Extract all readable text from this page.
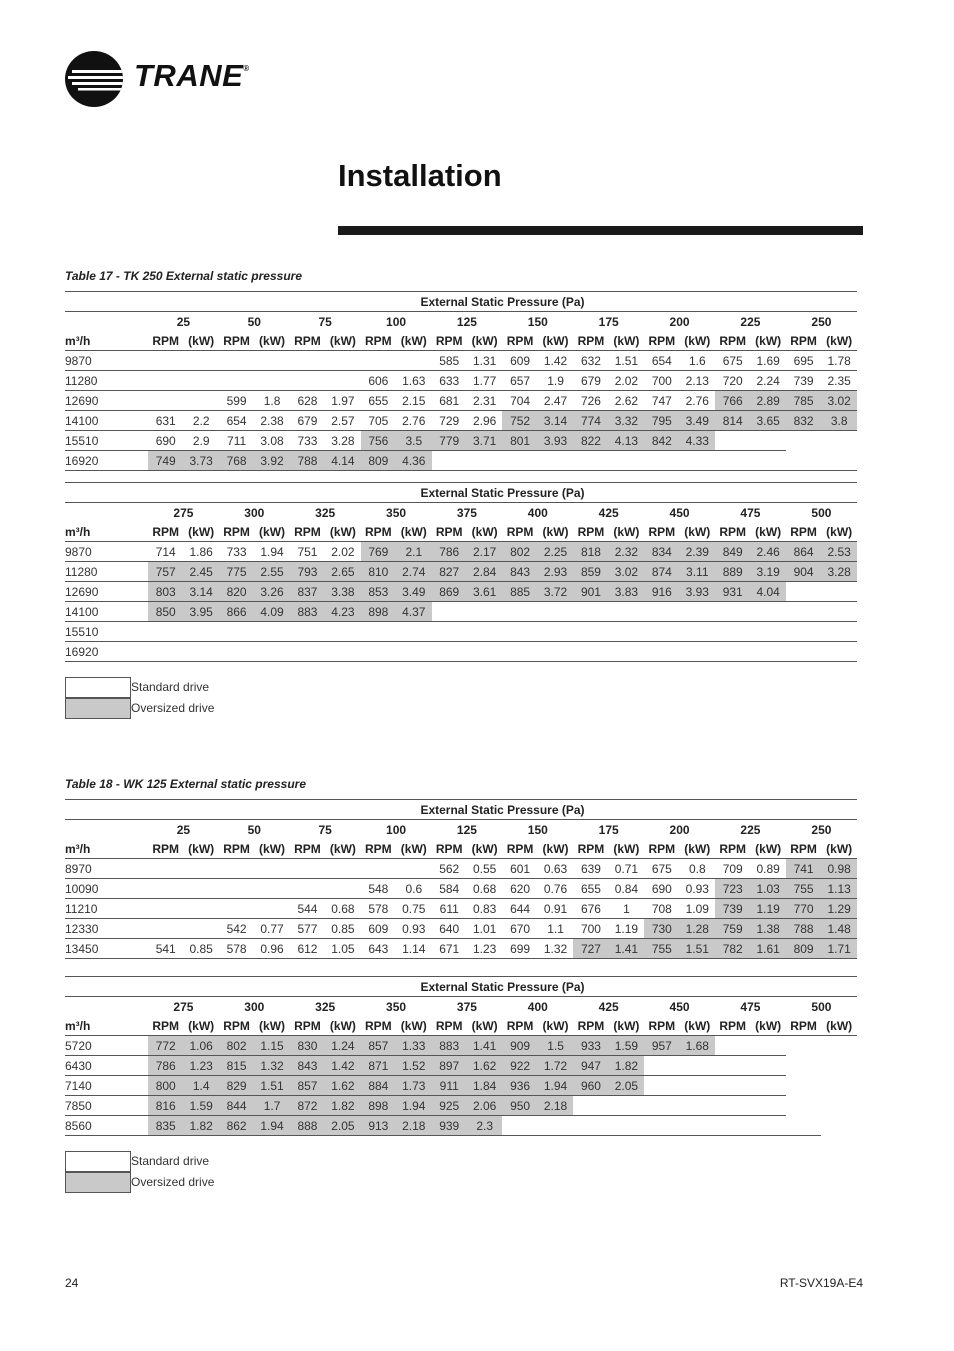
TRANE®
Installation
Table 17 - TK 250 External static pressure
	External Static Pressure (Pa)																			
	25		50		75		100		125		150		175		200		225		250	
m³/h	RPM	(kW)	RPM	(kW)	RPM	(kW)	RPM	(kW)	RPM	(kW)	RPM	(kW)	RPM	(kW)	RPM	(kW)	RPM	(kW)	RPM	(kW)
9870									585	1.31	609	1.42	632	1.51	654	1.6	675	1.69	695	1.78
11280							606	1.63	633	1.77	657	1.9	679	2.02	700	2.13	720	2.24	739	2.35
12690			599	1.8	628	1.97	655	2.15	681	2.31	704	2.47	726	2.62	747	2.76	766	2.89	785	3.02
14100	631	2.2	654	2.38	679	2.57	705	2.76	729	2.96	752	3.14	774	3.32	795	3.49	814	3.65	832	3.8
15510	690	2.9	711	3.08	733	3.28	756	3.5	779	3.71	801	3.93	822	4.13	842	4.33				
16920	749	3.73	768	3.92	788	4.14	809	4.36												
	External Static Pressure (Pa)																			
	275		300		325		350		375		400		425		450		475		500	
m³/h	RPM	(kW)	RPM	(kW)	RPM	(kW)	RPM	(kW)	RPM	(kW)	RPM	(kW)	RPM	(kW)	RPM	(kW)	RPM	(kW)	RPM	(kW)
9870	714	1.86	733	1.94	751	2.02	769	2.1	786	2.17	802	2.25	818	2.32	834	2.39	849	2.46	864	2.53
11280	757	2.45	775	2.55	793	2.65	810	2.74	827	2.84	843	2.93	859	3.02	874	3.11	889	3.19	904	3.28
12690	803	3.14	820	3.26	837	3.38	853	3.49	869	3.61	885	3.72	901	3.83	916	3.93	931	4.04		
14100	850	3.95	866	4.09	883	4.23	898	4.37												
15510																				
16920																				
Standard drive
Oversized drive
Table 18 - WK 125 External static pressure
	External Static Pressure (Pa)																			
	25		50		75		100		125		150		175		200		225		250	
m³/h	RPM	(kW)	RPM	(kW)	RPM	(kW)	RPM	(kW)	RPM	(kW)	RPM	(kW)	RPM	(kW)	RPM	(kW)	RPM	(kW)	RPM	(kW)
8970									562	0.55	601	0.63	639	0.71	675	0.8	709	0.89	741	0.98
10090							548	0.6	584	0.68	620	0.76	655	0.84	690	0.93	723	1.03	755	1.13
11210					544	0.68	578	0.75	611	0.83	644	0.91	676	1	708	1.09	739	1.19	770	1.29
12330			542	0.77	577	0.85	609	0.93	640	1.01	670	1.1	700	1.19	730	1.28	759	1.38	788	1.48
13450	541	0.85	578	0.96	612	1.05	643	1.14	671	1.23	699	1.32	727	1.41	755	1.51	782	1.61	809	1.71
	External Static Pressure (Pa)																			
	275		300		325		350		375		400		425		450		475		500	
m³/h	RPM	(kW)	RPM	(kW)	RPM	(kW)	RPM	(kW)	RPM	(kW)	RPM	(kW)	RPM	(kW)	RPM	(kW)	RPM	(kW)	RPM	(kW)
5720	772	1.06	802	1.15	830	1.24	857	1.33	883	1.41	909	1.5	933	1.59	957	1.68				
6430	786	1.23	815	1.32	843	1.42	871	1.52	897	1.62	922	1.72	947	1.82						
7140	800	1.4	829	1.51	857	1.62	884	1.73	911	1.84	936	1.94	960	2.05						
7850	816	1.59	844	1.7	872	1.82	898	1.94	925	2.06	950	2.18								
8560	835	1.82	862	1.94	888	2.05	913	2.18	939	2.3										
Standard drive
Oversized drive
24	RT-SVX19A-E4
